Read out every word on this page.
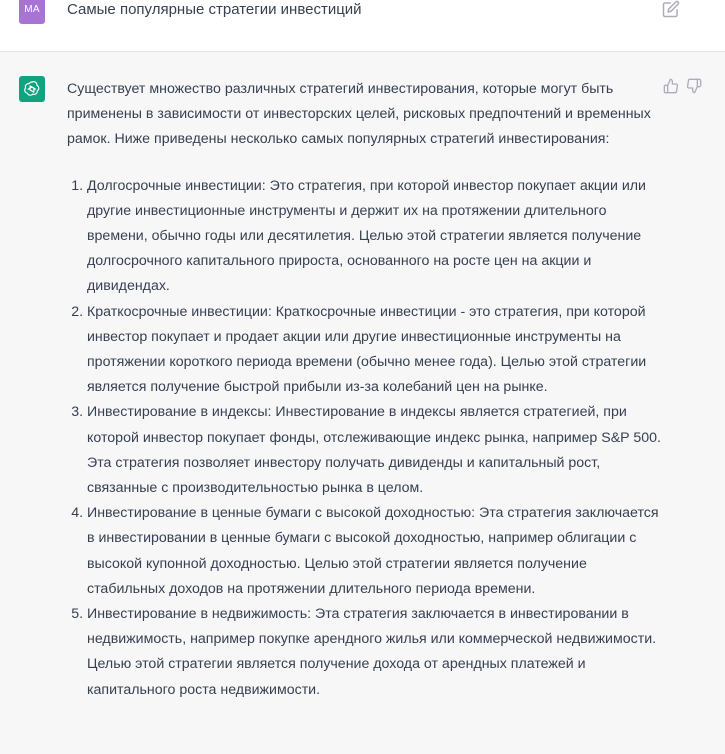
MA	Самые популярные стратегии инвестиций

Существует множество различных стратегий инвестирования, которые могут быть применены в зависимости от инвесторских целей, рисковых предпочтений и временных рамок. Ниже приведены несколько самых популярных стратегий инвестирования:

1. Долгосрочные инвестиции: Это стратегия, при которой инвестор покупает акции или другие инвестиционные инструменты и держит их на протяжении длительного времени, обычно годы или десятилетия. Целью этой стратегии является получение долгосрочного капитального прироста, основанного на росте цен на акции и дивидендах.
2. Краткосрочные инвестиции: Краткосрочные инвестиции - это стратегия, при которой инвестор покупает и продает акции или другие инвестиционные инструменты на протяжении короткого периода времени (обычно менее года). Целью этой стратегии является получение быстрой прибыли из-за колебаний цен на рынке.
3. Инвестирование в индексы: Инвестирование в индексы является стратегией, при которой инвестор покупает фонды, отслеживающие индекс рынка, например S&P 500. Эта стратегия позволяет инвестору получать дивиденды и капитальный рост, связанные с производительностью рынка в целом.
4. Инвестирование в ценные бумаги с высокой доходностью: Эта стратегия заключается в инвестировании в ценные бумаги с высокой доходностью, например облигации с высокой купонной доходностью. Целью этой стратегии является получение стабильных доходов на протяжении длительного периода времени.
5. Инвестирование в недвижимость: Эта стратегия заключается в инвестировании в недвижимость, например покупке арендного жилья или коммерческой недвижимости. Целью этой стратегии является получение дохода от арендных платежей и капитального роста недвижимости.
